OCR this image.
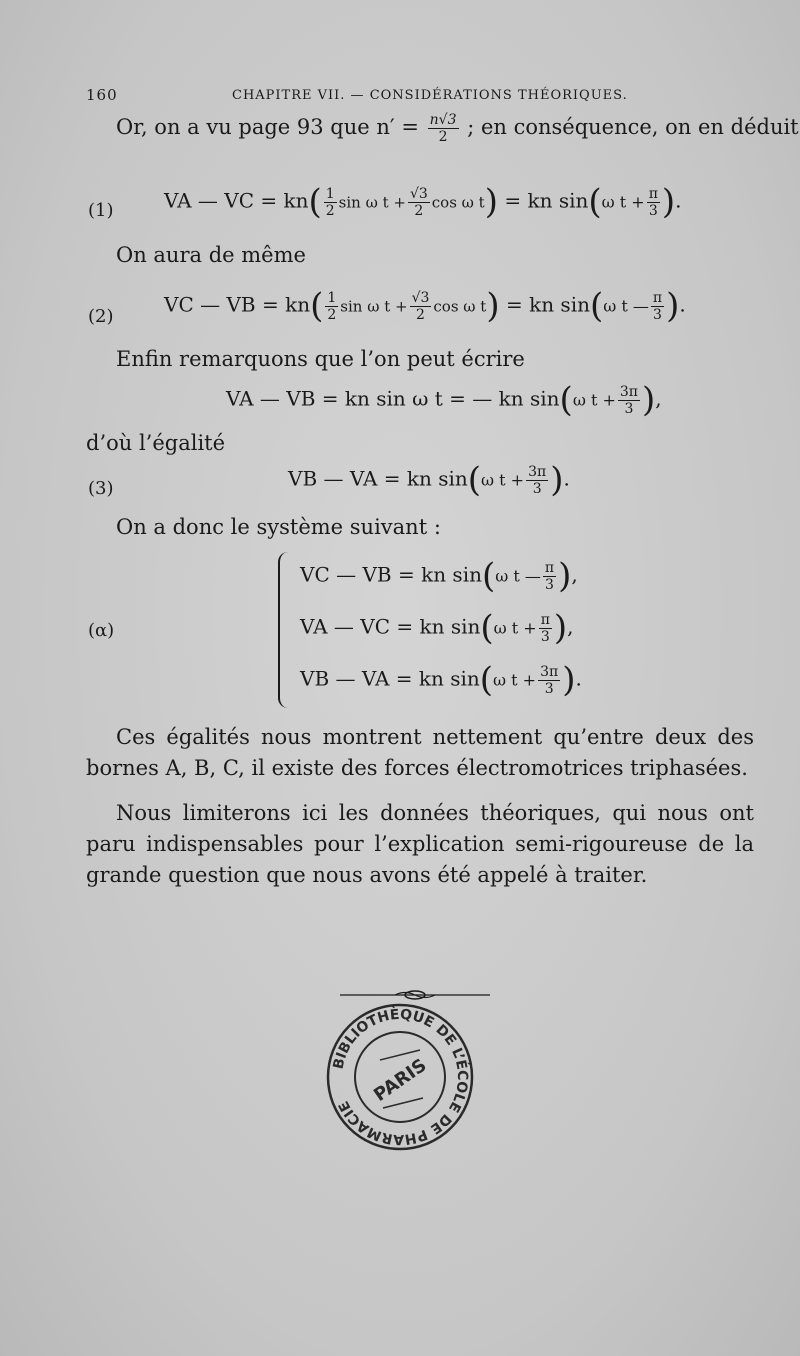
160	CHAPITRE VII. — CONSIDÉRATIONS THÉORIQUES.
Or, on a vu page 93 que $n' = \frac{n√3}{2}$ ; en conséquence, on en déduit
(1)	VA — VC = $kn( \frac{1}{2}$ sin ω $t + \frac{√3}{2}$ cos ω t) = kn sin(ω $t + \frac{\pi}{3}$ ).
On aura de même
(2)	VC — VB = $kn( \frac{1}{2}$ sin ω $t + \frac{√3}{2}$ cos ω t) = kn sin(ω t — $\frac{\pi}{3}$ ).
Enfin remarquons que l’on peut écrire
VA — VB = kn sin ω t = — kn sin(ω $t + \frac{3\pi}{3}$ ),
d’où l’égalité
(3)	VB — VA = kn sin(ω $t + \frac{3\pi}{3}$ ).
On a donc le système suivant :
(α)
VC — VB = kn sin(ω t — $\frac{\pi}{3}$ ),
VA — VC = kn sin(ω $t + \frac{\pi}{3}$ ),
VB — VA = kn sin(ω $t + \frac{3\pi}{3}$ ).
Ces égalités nous montrent nettement qu’entre deux des bornes A, B, C, il existe des forces électromotrices triphasées.
Nous limiterons ici les données théoriques, qui nous ont paru indispensables pour l’explication semi-rigoureuse de la grande question que nous avons été appelé à traiter.
BIBLIOTHÈQUE DE L’ÉCOLE DE PHARMACIE
PARIS
